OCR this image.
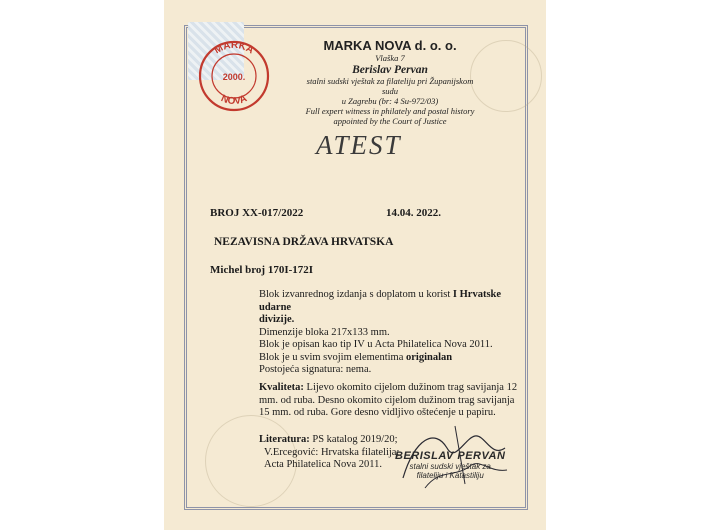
MARKA
NOVA
2000.
MARKA NOVA d. o. o.
Vlaška 7
Berislav Pervan
stalni sudski vještak za filateliju pri Županijskom sudu
u Zagrebu (br: 4 Su-972/03)
Full expert witness in philately and postal history
appointed by the Court of Justice
ATEST
BROJ XX-017/2022	14.04. 2022.
NEZAVISNA DRŽAVA HRVATSKA
Michel broj 170I-172I
Blok izvanrednog izdanja s doplatom u korist I Hrvatske udarne
divizije.
Dimenzije bloka 217x133 mm.
Blok je opisan kao tip IV u Acta Philatelica Nova 2011.
Blok je u svim svojim elementima originalan
Postojeća signatura: nema.
Kvaliteta: Lijevo okomito cijelom dužinom trag savijanja 12
mm. od ruba. Desno okomito cijelom dužinom trag savijanja
15 mm. od ruba. Gore desno vidljivo oštećenje u papiru.
Literatura: PS katalog 2019/20;
V.Ercegović: Hrvatska filatelija;
Acta Philatelica Nova 2011.
BERISLAV PERVAN
stalni sudski vještak za
filateliju i Katastiliju
